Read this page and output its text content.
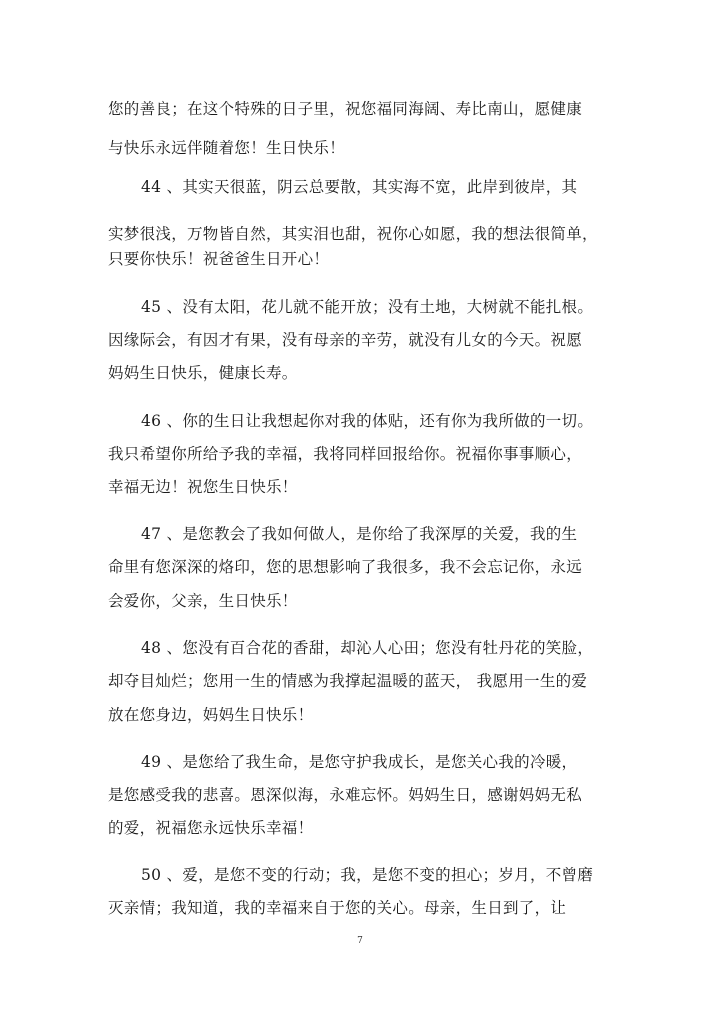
您的善良；在这个特殊的日子里，祝您福同海阔、寿比南山，愿健康
与快乐永远伴随着您！生日快乐！
44 、其实天很蓝，阴云总要散，其实海不宽，此岸到彼岸，其
实梦很浅，万物皆自然，其实泪也甜，祝你心如愿，我的想法很简单，
只要你快乐！祝爸爸生日开心！
45 、没有太阳，花儿就不能开放；没有土地，大树就不能扎根。
因缘际会，有因才有果，没有母亲的辛劳，就没有儿女的今天。祝愿
妈妈生日快乐，健康长寿。
46 、你的生日让我想起你对我的体贴，还有你为我所做的一切。
我只希望你所给予我的幸福，我将同样回报给你。祝福你事事顺心，
幸福无边！祝您生日快乐！
47 、是您教会了我如何做人，是你给了我深厚的关爱，我的生
命里有您深深的烙印，您的思想影响了我很多，我不会忘记你，永远
会爱你，父亲，生日快乐！
48 、您没有百合花的香甜，却沁人心田；您没有牡丹花的笑脸，
却夺目灿烂；您用一生的情感为我撑起温暖的蓝天， 我愿用一生的爱
放在您身边，妈妈生日快乐！
49 、是您给了我生命，是您守护我成长，是您关心我的冷暖，
是您感受我的悲喜。恩深似海，永难忘怀。妈妈生日，感谢妈妈无私
的爱，祝福您永远快乐幸福！
50 、爱，是您不变的行动；我，是您不变的担心；岁月，不曾磨
灭亲情；我知道，我的幸福来自于您的关心。母亲，生日到了，让
7
